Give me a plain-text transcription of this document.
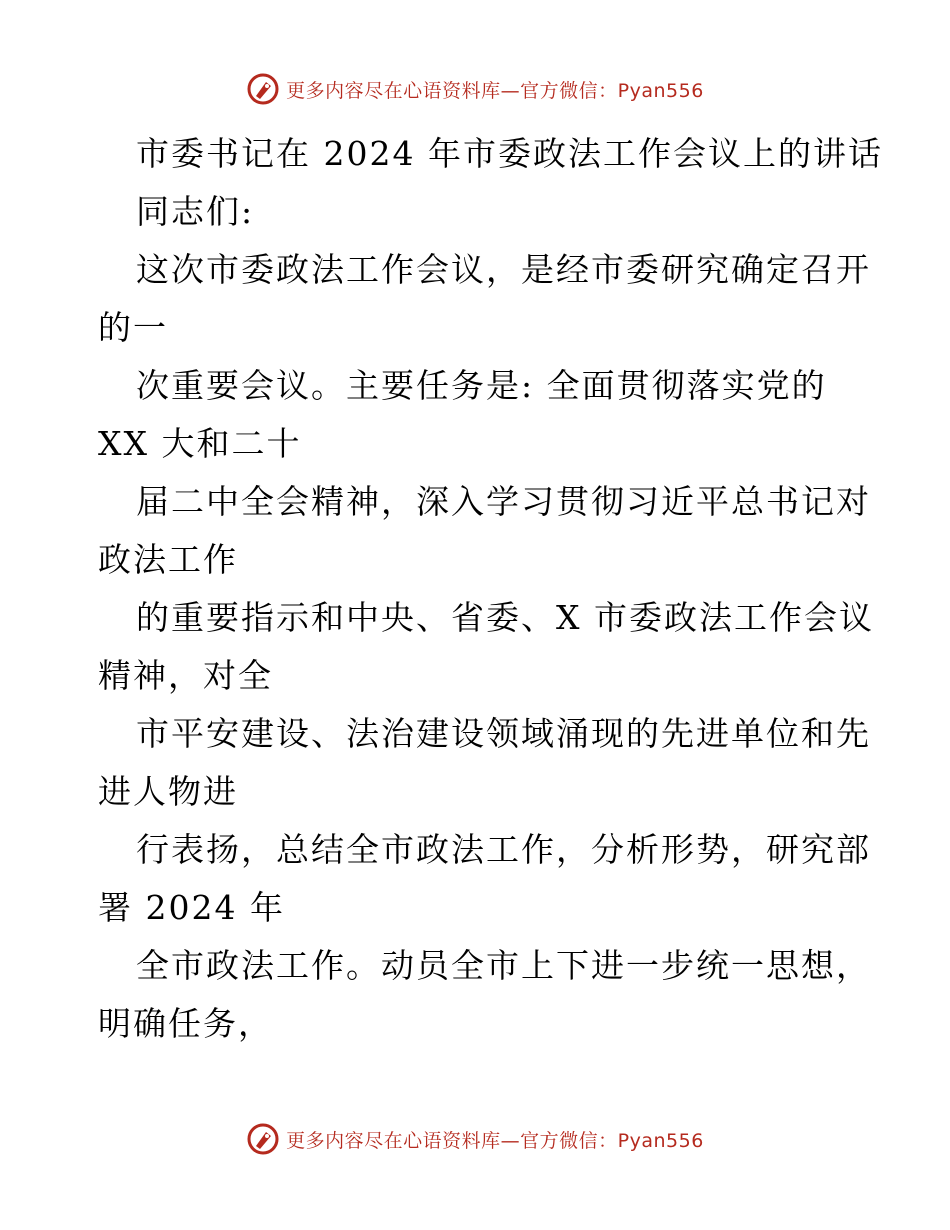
更多内容尽在心语资料库—官方微信：Pyan556
市委书记在 2024 年市委政法工作会议上的讲话
同志们:
这次市委政法工作会议，是经市委研究确定召开
的一
次重要会议。主要任务是: 全面贯彻落实党的
XX 大和二十
届二中全会精神，深入学习贯彻习近平总书记对
政法工作
的重要指示和中央、省委、X 市委政法工作会议
精神，对全
市平安建设、法治建设领域涌现的先进单位和先
进人物进
行表扬，总结全市政法工作，分析形势，研究部
署 2024 年
全市政法工作。动员全市上下进一步统一思想，
明确任务，
更多内容尽在心语资料库—官方微信：Pyan556
